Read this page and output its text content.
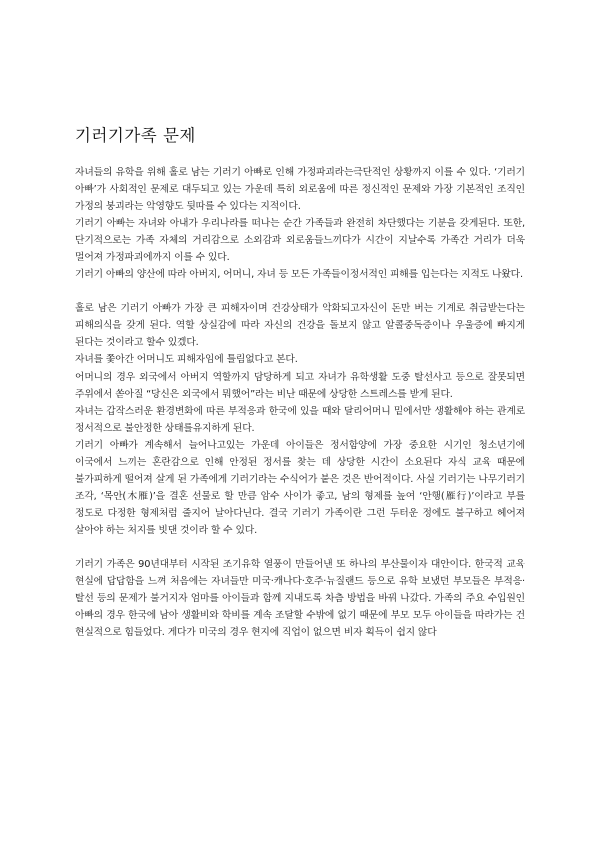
기러기가족 문제

자녀들의 유학을 위해 홀로 남는 기러기 아빠로 인해 가정파괴라는극단적인 상황까지 이를 수 있다. ‘기러기 아빠’가 사회적인 문제로 대두되고 있는 가운데 특히 외로움에 따른 정신적인 문제와 가장 기본적인 조직인 가정의 붕괴라는 악영향도 뒷따를 수 있다는 지적이다.

기러기 아빠는 자녀와 아내가 우리나라를 떠나는 순간 가족들과 완전히 차단했다는 기분을 갖게된다. 또한, 단기적으로는 가족 자체의 거리감으로 소외감과 외로움들느끼다가 시간이 지날수록 가족간 거리가 더욱 멀어져 가정파괴에까지 이를 수 있다.

기러기 아빠의 양산에 따라 아버지, 어머니, 자녀 등 모든 가족들이정서적인 피해를 입는다는 지적도 나왔다.

홀로 남은 기러기 아빠가 가장 큰 피해자이며 건강상태가 악화되고자신이 돈만 버는 기계로 취급받는다는 피해의식을 갖게 된다. 역할 상실감에 따라 자신의 건강을 돌보지 않고 알콜중독증이나 우울증에 빠지게 된다는 것이라고 할수 있겠다.

자녀를 쫓아간 어머니도 피해자임에 틀림없다고 본다.

어머니의 경우 외국에서 아버지 역할까지 담당하게 되고 자녀가 유학생활 도중 탈선사고 등으로 잘못되면 주위에서 쏟아질 “당신은 외국에서 뭐했어”라는 비난 때문에 상당한 스트레스를 받게 된다.

자녀는 갑작스러운 환경변화에 따른 부적응과 한국에 있을 때와 달리어머니 밑에서만 생활해야 하는 관계로 정서적으로 불안정한 상태를유지하게 된다.

기러기 아빠가 계속해서 늘어나고있는 가운데 아이들은 정서함양에 가장 중요한 시기인 청소년기에 이국에서 느끼는 혼란감으로 인해 안정된 정서를 찾는 데 상당한 시간이 소요된다 자식 교육 때문에 불가피하게 떨어져 살게 된 가족에게 기러기라는 수식어가 붙은 것은 반어적이다. 사실 기러기는 나무기러기 조각, ‘목안(木雁)’을 결혼 선물로 할 만큼 암수 사이가 좋고, 남의 형제를 높여 ‘안행(雁行)’이라고 부를 정도로 다정한 형제처럼 줄지어 날아다닌다. 결국 기러기 가족이란 그런 두터운 정에도 불구하고 헤어져 살아야 하는 처지를 빗댄 것이라 할 수 있다.

기러기 가족은 90년대부터 시작된 조기유학 열풍이 만들어낸 또 하나의 부산물이자 대안이다. 한국적 교육 현실에 답답함을 느껴 처음에는 자녀들만 미국·캐나다·호주·뉴질랜드 등으로 유학 보냈던 부모들은 부적응·탈선 등의 문제가 불거지자 엄마를 아이들과 함께 지내도록 차츰 방법을 바꿔 나갔다. 가족의 주요 수입원인 아빠의 경우 한국에 남아 생활비와 학비를 계속 조달할 수밖에 없기 때문에 부모 모두 아이들을 따라가는 건 현실적으로 힘들었다. 게다가 미국의 경우 현지에 직업이 없으면 비자 획득이 쉽지 않다
